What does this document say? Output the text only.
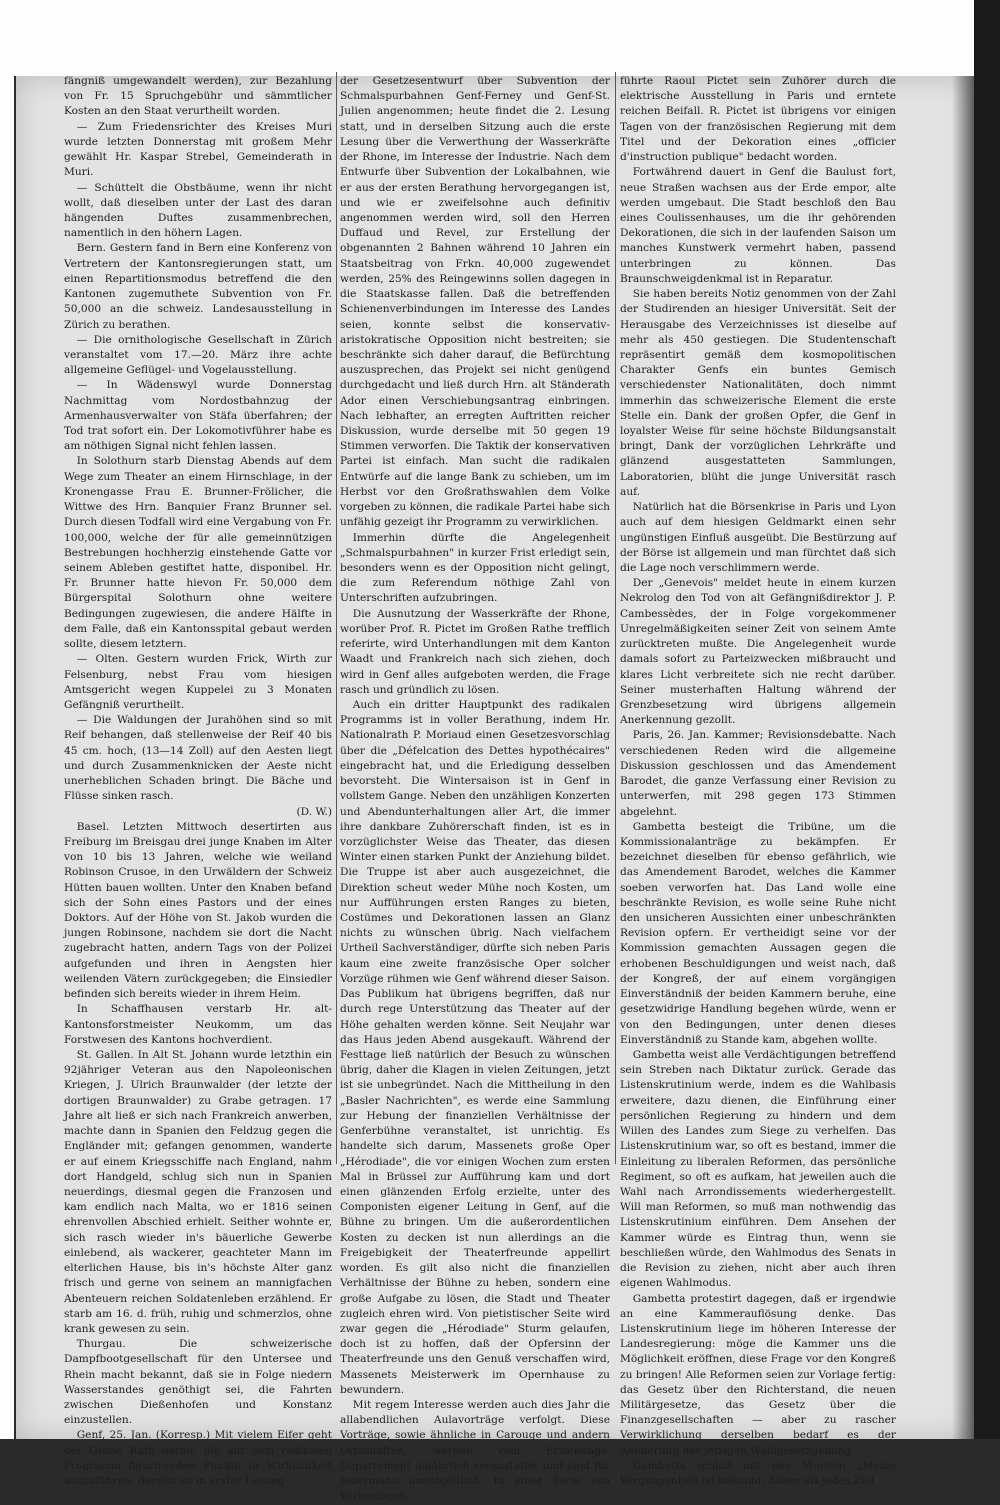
fängniß umgewandelt werden), zur Bezahlung von Fr. 15 Spruchgebühr und sämmtlicher Kosten an den Staat verurtheilt worden.

— Zum Friedensrichter des Kreises Muri wurde letzten Donnerstag mit großem Mehr gewählt Hr. Kaspar Strebel, Gemeinderath in Muri.

— Schüttelt die Obstbäume, wenn ihr nicht wollt, daß dieselben unter der Last des daran hängenden Duftes zusammenbrechen, namentlich in den höhern Lagen.

Bern. Gestern fand in Bern eine Konferenz von Vertretern der Kantonsregierungen statt, um einen Repartitionsmodus betreffend die den Kantonen zugemuthete Subvention von Fr. 50,000 an die schweiz. Landesausstellung in Zürich zu berathen.

— Die ornithologische Gesellschaft in Zürich veranstaltet vom 17.—20. März ihre achte allgemeine Geflügel- und Vogelausstellung.

— In Wädenswyl wurde Donnerstag Nachmittag vom Nordostbahnzug der Armenhausverwalter von Stäfa überfahren; der Tod trat sofort ein. Der Lokomotivführer habe es am nöthigen Signal nicht fehlen lassen.

In Solothurn starb Dienstag Abends auf dem Wege zum Theater an einem Hirnschlage, in der Kronengasse Frau E. Brunner-Frölicher, die Wittwe des Hrn. Banquier Franz Brunner sel. Durch diesen Todfall wird eine Vergabung von Fr. 100,000, welche der für alle gemeinnützigen Bestrebungen hochherzig einstehende Gatte vor seinem Ableben gestiftet hatte, disponibel. Hr. Fr. Brunner hatte hievon Fr. 50,000 dem Bürgerspital Solothurn ohne weitere Bedingungen zugewiesen, die andere Hälfte in dem Falle, daß ein Kantonsspital gebaut werden sollte, diesem letztern.

— Olten. Gestern wurden Frick, Wirth zur Felsenburg, nebst Frau vom hiesigen Amtsgericht wegen Kuppelei zu 3 Monaten Gefängniß verurtheilt.

— Die Waldungen der Jurahöhen sind so mit Reif behangen, daß stellenweise der Reif 40 bis 45 cm. hoch, (13—14 Zoll) auf den Aesten liegt und durch Zusammenknicken der Aeste nicht unerheblichen Schaden bringt. Die Bäche und Flüsse sinken rasch.

(D. W.)

Basel. Letzten Mittwoch desertirten aus Freiburg im Breisgau drei junge Knaben im Alter von 10 bis 13 Jahren, welche wie weiland Robinson Crusoe, in den Urwäldern der Schweiz Hütten bauen wollten. Unter den Knaben befand sich der Sohn eines Pastors und der eines Doktors. Auf der Höhe von St. Jakob wurden die jungen Robinsone, nachdem sie dort die Nacht zugebracht hatten, andern Tags von der Polizei aufgefunden und ihren in Aengsten hier weilenden Vätern zurückgegeben; die Einsiedler befinden sich bereits wieder in ihrem Heim.

In Schaffhausen verstarb Hr. alt-Kantonsforstmeister Neukomm, um das Forstwesen des Kantons hochverdient.

St. Gallen. In Alt St. Johann wurde letzthin ein 92jähriger Veteran aus den Napoleonischen Kriegen, J. Ulrich Braunwalder (der letzte der dortigen Braunwalder) zu Grabe getragen. 17 Jahre alt ließ er sich nach Frankreich anwerben, machte dann in Spanien den Feldzug gegen die Engländer mit; gefangen genommen, wanderte er auf einem Kriegsschiffe nach England, nahm dort Handgeld, schlug sich nun in Spanien neuerdings, diesmal gegen die Franzosen und kam endlich nach Malta, wo er 1816 seinen ehrenvollen Abschied erhielt. Seither wohnte er, sich rasch wieder in's bäuerliche Gewerbe einlebend, als wackerer, geachteter Mann im elterlichen Hause, bis in's höchste Alter ganz frisch und gerne von seinem an mannigfachen Abenteuern reichen Soldatenleben erzählend. Er starb am 16. d. früh, ruhig und schmerzlos, ohne krank gewesen zu sein.

Thurgau. Die schweizerische Dampfbootgesellschaft für den Untersee und Rhein macht bekannt, daß sie in Folge niedern Wasserstandes genöthigt sei, die Fahrten zwischen Dießenhofen und Konstanz einzustellen.

Genf, 25. Jan. (Korresp.) Mit vielem Eifer geht der Große Rath daran, die auf dem radikalen Programm figurirenden Punkte in Wirklichkeit auszuführen. Bereits ist in erster Lesung

der Gesetzesentwurf über Subvention der Schmalspurbahnen Genf-Ferney und Genf-St. Julien angenommen; heute findet die 2. Lesung statt, und in derselben Sitzung auch die erste Lesung über die Verwerthung der Wasserkräfte der Rhone, im Interesse der Industrie. Nach dem Entwurfe über Subvention der Lokalbahnen, wie er aus der ersten Berathung hervorgegangen ist, und wie er zweifelsohne auch definitiv angenommen werden wird, soll den Herren Duffaud und Revel, zur Erstellung der obgenannten 2 Bahnen während 10 Jahren ein Staatsbeitrag von Frkn. 40,000 zugewendet werden, 25% des Reingewinns sollen dagegen in die Staatskasse fallen. Daß die betreffenden Schienenverbindungen im Interesse des Landes seien, konnte selbst die konservativ-aristokratische Opposition nicht bestreiten; sie beschränkte sich daher darauf, die Befürchtung auszusprechen, das Projekt sei nicht genügend durchgedacht und ließ durch Hrn. alt Ständerath Ador einen Verschiebungsantrag einbringen. Nach lebhafter, an erregten Auftritten reicher Diskussion, wurde derselbe mit 50 gegen 19 Stimmen verworfen. Die Taktik der konservativen Partei ist einfach. Man sucht die radikalen Entwürfe auf die lange Bank zu schieben, um im Herbst vor den Großrathswahlen dem Volke vorgeben zu können, die radikale Partei habe sich unfähig gezeigt ihr Programm zu verwirklichen.

Immerhin dürfte die Angelegenheit „Schmalspurbahnen" in kurzer Frist erledigt sein, besonders wenn es der Opposition nicht gelingt, die zum Referendum nöthige Zahl von Unterschriften aufzubringen.

Die Ausnutzung der Wasserkräfte der Rhone, worüber Prof. R. Pictet im Großen Rathe trefflich referirte, wird Unterhandlungen mit dem Kanton Waadt und Frankreich nach sich ziehen, doch wird in Genf alles aufgeboten werden, die Frage rasch und gründlich zu lösen.

Auch ein dritter Hauptpunkt des radikalen Programms ist in voller Berathung, indem Hr. Nationalrath P. Moriaud einen Gesetzesvorschlag über die „Défelcation des Dettes hypothécaires" eingebracht hat, und die Erledigung desselben bevorsteht. Die Wintersaison ist in Genf in vollstem Gange. Neben den unzähligen Konzerten und Abendunterhaltungen aller Art, die immer ihre dankbare Zuhörerschaft finden, ist es in vorzüglichster Weise das Theater, das diesen Winter einen starken Punkt der Anziehung bildet. Die Truppe ist aber auch ausgezeichnet, die Direktion scheut weder Mühe noch Kosten, um nur Aufführungen ersten Ranges zu bieten, Costümes und Dekorationen lassen an Glanz nichts zu wünschen übrig. Nach vielfachem Urtheil Sachverständiger, dürfte sich neben Paris kaum eine zweite französische Oper solcher Vorzüge rühmen wie Genf während dieser Saison. Das Publikum hat übrigens begriffen, daß nur durch rege Unterstützung das Theater auf der Höhe gehalten werden könne. Seit Neujahr war das Haus jeden Abend ausgekauft. Während der Festtage ließ natürlich der Besuch zu wünschen übrig, daher die Klagen in vielen Zeitungen, jetzt ist sie unbegründet. Nach die Mittheilung in den „Basler Nachrichten", es werde eine Sammlung zur Hebung der finanziellen Verhältnisse der Genferbühne veranstaltet, ist unrichtig. Es handelte sich darum, Massenets große Oper „Hérodiade", die vor einigen Wochen zum ersten Mal in Brüssel zur Aufführung kam und dort einen glänzenden Erfolg erzielte, unter des Componisten eigener Leitung in Genf, auf die Bühne zu bringen. Um die außerordentlichen Kosten zu decken ist nun allerdings an die Freigebigkeit der Theaterfreunde appellirt worden. Es gilt also nicht die finanziellen Verhältnisse der Bühne zu heben, sondern eine große Aufgabe zu lösen, die Stadt und Theater zugleich ehren wird. Von pietistischer Seite wird zwar gegen die „Hérodiade" Sturm gelaufen, doch ist zu hoffen, daß der Opfersinn der Theaterfreunde uns den Genuß verschaffen wird, Massenets Meisterwerk im Opernhause zu bewundern.

Mit regem Interesse werden auch dies Jahr die allabendlichen Aulavorträge verfolgt. Diese Vorträge, sowie ähnliche in Carouge und andern Ortschaften, werden vom Erziehungs-Departement alljährlich veranstaltet und sind für Jedermann unentgeltlich. In einer Serie von Vorlesungen

führte Raoul Pictet sein Zuhörer durch die elektrische Ausstellung in Paris und erntete reichen Beifall. R. Pictet ist übrigens vor einigen Tagen von der französischen Regierung mit dem Titel und der Dekoration eines „officier d'instruction publique" bedacht worden.

Fortwährend dauert in Genf die Baulust fort, neue Straßen wachsen aus der Erde empor, alte werden umgebaut. Die Stadt beschloß den Bau eines Coulissenhauses, um die ihr gehörenden Dekorationen, die sich in der laufenden Saison um manches Kunstwerk vermehrt haben, passend unterbringen zu können. Das Braunschweigdenkmal ist in Reparatur.

Sie haben bereits Notiz genommen von der Zahl der Studirenden an hiesiger Universität. Seit der Herausgabe des Verzeichnisses ist dieselbe auf mehr als 450 gestiegen. Die Studentenschaft repräsentirt gemäß dem kosmopolitischen Charakter Genfs ein buntes Gemisch verschiedenster Nationalitäten, doch nimmt immerhin das schweizerische Element die erste Stelle ein. Dank der großen Opfer, die Genf in loyalster Weise für seine höchste Bildungsanstalt bringt, Dank der vorzüglichen Lehrkräfte und glänzend ausgestatteten Sammlungen, Laboratorien, blüht die junge Universität rasch auf.

Natürlich hat die Börsenkrise in Paris und Lyon auch auf dem hiesigen Geldmarkt einen sehr ungünstigen Einfluß ausgeübt. Die Bestürzung auf der Börse ist allgemein und man fürchtet daß sich die Lage noch verschlimmern werde.

Der „Genevois" meldet heute in einem kurzen Nekrolog den Tod von alt Gefängnißdirektor J. P. Cambessèdes, der in Folge vorgekommener Unregelmäßigkeiten seiner Zeit von seinem Amte zurücktreten mußte. Die Angelegenheit wurde damals sofort zu Parteizwecken mißbraucht und klares Licht verbreitete sich nie recht darüber. Seiner musterhaften Haltung während der Grenzbesetzung wird übrigens allgemein Anerkennung gezollt.

Paris, 26. Jan. Kammer; Revisionsdebatte. Nach verschiedenen Reden wird die allgemeine Diskussion geschlossen und das Amendement Barodet, die ganze Verfassung einer Revision zu unterwerfen, mit 298 gegen 173 Stimmen abgelehnt.

Gambetta besteigt die Tribüne, um die Kommissionalanträge zu bekämpfen. Er bezeichnet dieselben für ebenso gefährlich, wie das Amendement Barodet, welches die Kammer soeben verworfen hat. Das Land wolle eine beschränkte Revision, es wolle seine Ruhe nicht den unsicheren Aussichten einer unbeschränkten Revision opfern. Er vertheidigt seine vor der Kommission gemachten Aussagen gegen die erhobenen Beschuldigungen und weist nach, daß der Kongreß, der auf einem vorgängigen Einverständniß der beiden Kammern beruhe, eine gesetzwidrige Handlung begehen würde, wenn er von den Bedingungen, unter denen dieses Einverständniß zu Stande kam, abgehen wollte.

Gambetta weist alle Verdächtigungen betreffend sein Streben nach Diktatur zurück. Gerade das Listenskrutinium werde, indem es die Wahlbasis erweitere, dazu dienen, die Einführung einer persönlichen Regierung zu hindern und dem Willen des Landes zum Siege zu verhelfen. Das Listenskrutinium war, so oft es bestand, immer die Einleitung zu liberalen Reformen, das persönliche Regiment, so oft es aufkam, hat jeweilen auch die Wahl nach Arrondissements wiederhergestellt. Will man Reformen, so muß man nothwendig das Listenskrutinium einführen. Dem Ansehen der Kammer würde es Eintrag thun, wenn sie beschließen würde, den Wahlmodus des Senats in die Revision zu ziehen, nicht aber auch ihren eigenen Wahlmodus.

Gambetta protestirt dagegen, daß er irgendwie an eine Kammerauflösung denke. Das Listenskrutinium liege im höheren Interesse der Landesregierung: möge die Kammer uns die Möglichkeit eröffnen, diese Frage vor den Kongreß zu bringen! Alle Reformen seien zur Vorlage fertig: das Gesetz über den Richterstand, die neuen Militärgesetze, das Gesetz über die Finanzgesellschaften — aber zu rascher Verwirklichung derselben bedarf es der Aenderung der jetzigen Wahlgesetzgebung.

Gambetta schloß mit den Worten: „Meine Vergangenheit ist bekannt; höher als jedes Ziel
